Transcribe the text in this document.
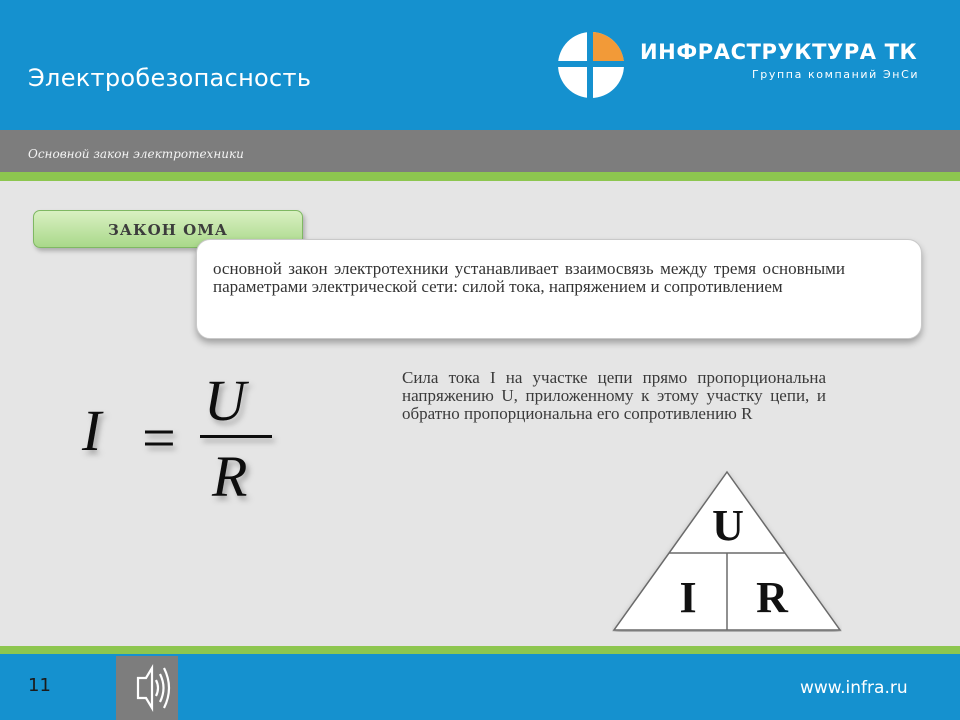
Электробезопасность
ИНФРАСТРУКТУРА ТК
Группа компаний ЭнСи
Основной закон электротехники
ЗАКОН ОМА
основной закон электротехники устанавливает взаимосвязь между тремя основными параметрами электрической сети: силой тока, напряжением и сопротивлением
I =
U
R
Сила тока I на участке цепи прямо пропорциональна напряжению U, приложенному к этому участку цепи, и обратно пропорциональна его сопротивлению R
U
I R
11	www.infra.ru
